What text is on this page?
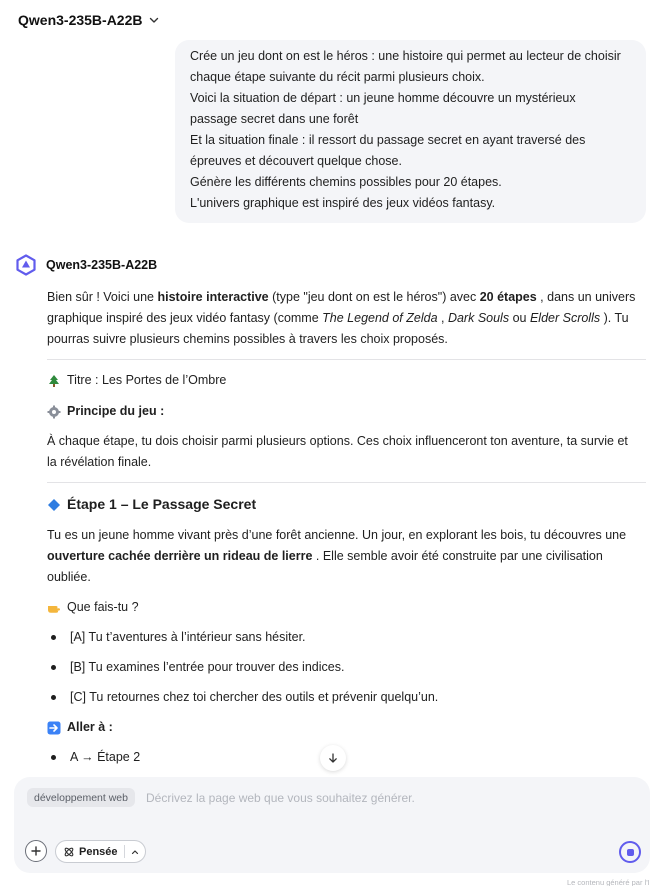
Qwen3-235B-A22B

Crée un jeu dont on est le héros : une histoire qui permet au lecteur de choisir

chaque étape suivante du récit parmi plusieurs choix.

Voici la situation de départ : un jeune homme découvre un mystérieux

passage secret dans une forêt

Et la situation finale : il ressort du passage secret en ayant traversé des

épreuves et découvert quelque chose.

Génère les différents chemins possibles pour 20 étapes.

L'univers graphique est inspiré des jeux vidéos fantasy.

Qwen3-235B-A22B
Bien sûr ! Voici une histoire interactive (type "jeu dont on est le héros") avec 20 étapes , dans un univers
graphique inspiré des jeux vidéo fantasy (comme The Legend of Zelda , Dark Souls ou Elder Scrolls ). Tu
pourras suivre plusieurs chemins possibles à travers les choix proposés.
Titre : Les Portes de l’Ombre
Principe du jeu :
À chaque étape, tu dois choisir parmi plusieurs options. Ces choix influenceront ton aventure, ta survie et
la révélation finale.
Étape 1 – Le Passage Secret
Tu es un jeune homme vivant près d’une forêt ancienne. Un jour, en explorant les bois, tu découvres une
ouverture cachée derrière un rideau de lierre . Elle semble avoir été construite par une civilisation
oubliée.
Que fais-tu ?
[A] Tu t’aventures à l’intérieur sans hésiter.
[B] Tu examines l’entrée pour trouver des indices.
[C] Tu retournes chez toi chercher des outils et prévenir quelqu’un.
Aller à :
A → Étape 2
développement web
Décrivez la page web que vous souhaitez générer.
Pensée
Le contenu généré par l'I
